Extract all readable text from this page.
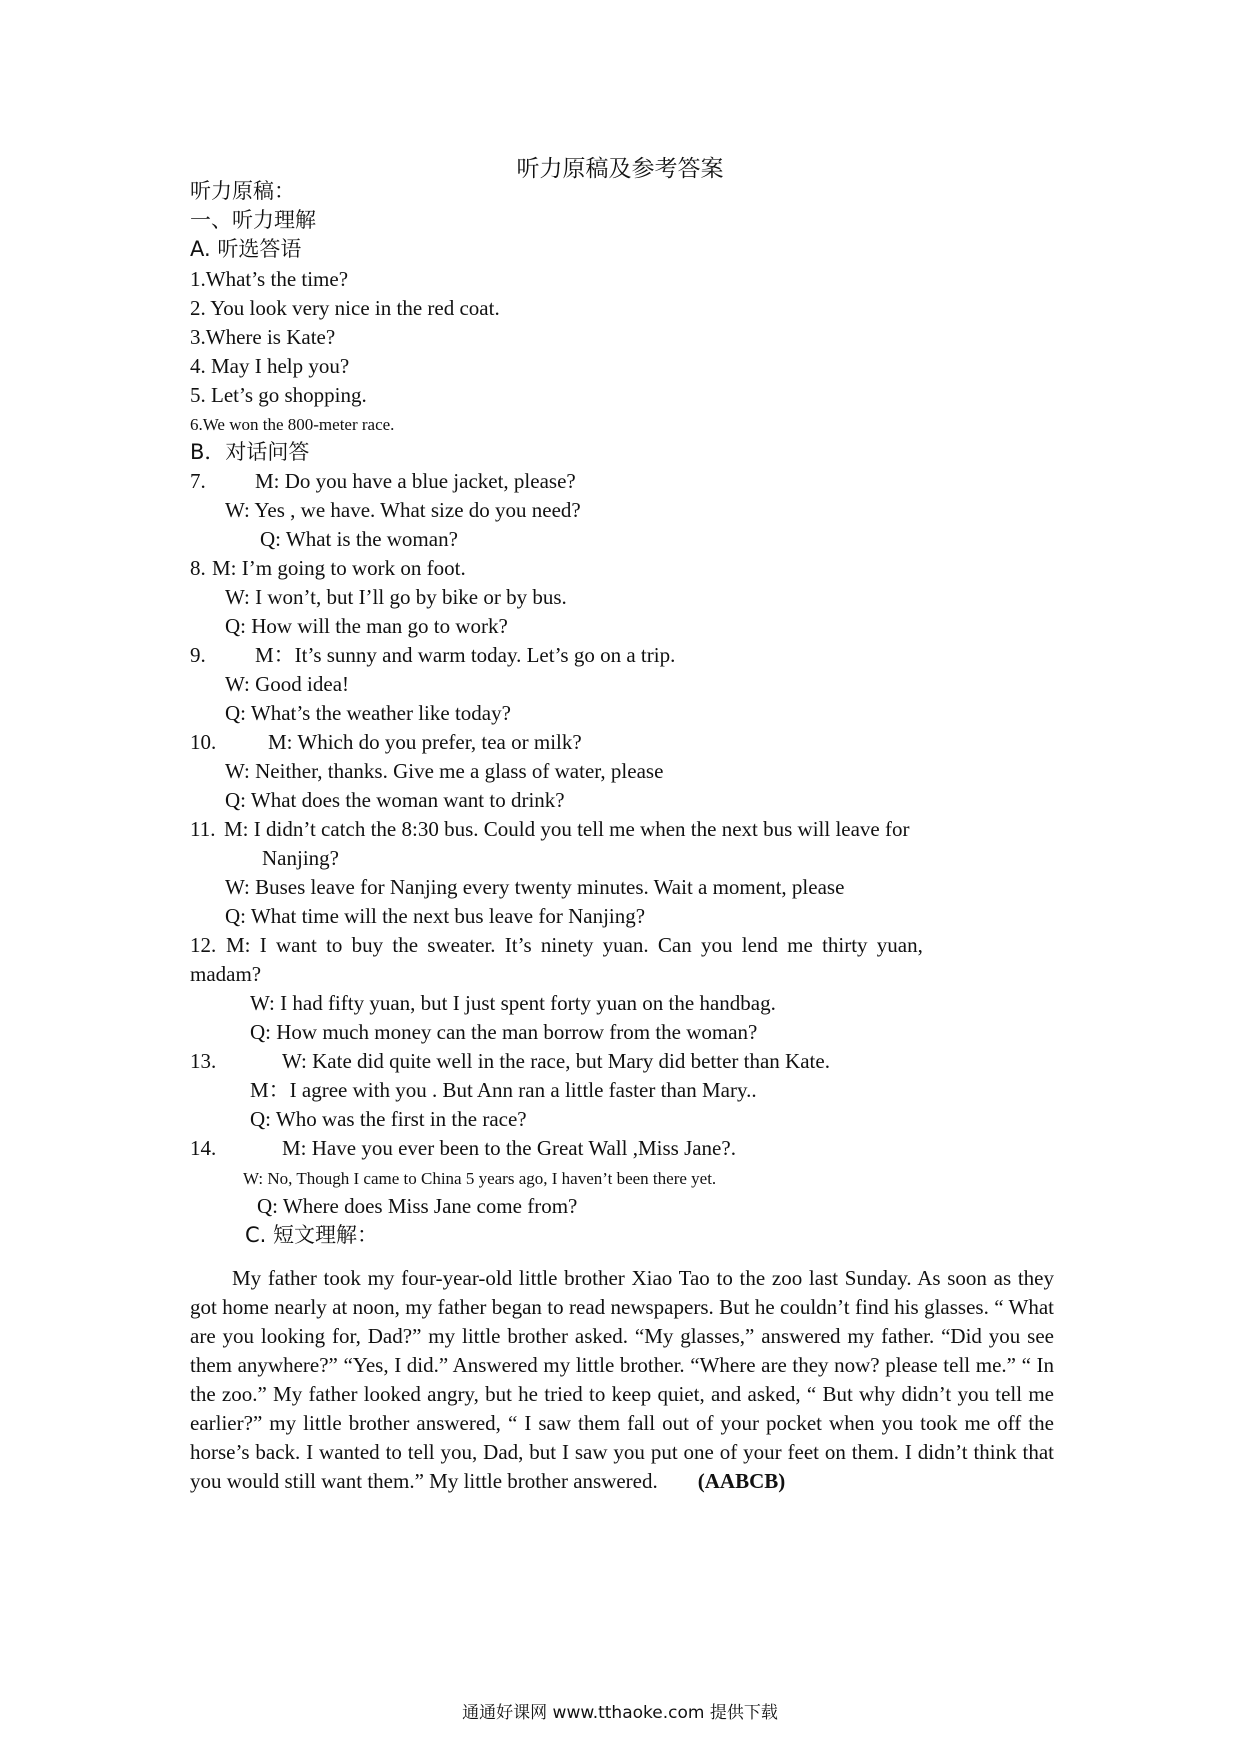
听力原稿及参考答案
听力原稿：
一、听力理解
A. 听选答语
1.What’s the time?
2. You look very nice in the red coat.
3.Where is Kate?
4. May I help you?
5. Let’s go shopping.
6.We won the 800-meter race.
B．对话问答
7. M: Do you have a blue jacket, please?
W: Yes , we have. What size do you need?
Q: What is the woman?
8. M: I’m going to work on foot.
W: I won’t, but I’ll go by bike or by bus.
Q: How will the man go to work?
9. M：It’s sunny and warm today. Let’s go on a trip.
W: Good idea!
Q: What’s the weather like today?
10. M: Which do you prefer, tea or milk?
W: Neither, thanks. Give me a glass of water, please
Q: What does the woman want to drink?
11. M: I didn’t catch the 8:30 bus. Could you tell me when the next bus will leave for
Nanjing?
W: Buses leave for Nanjing every twenty minutes. Wait a moment, please
Q: What time will the next bus leave for Nanjing?
12. M: I want to buy the sweater. It’s ninety yuan. Can you lend me thirty yuan,
madam?
W: I had fifty yuan, but I just spent forty yuan on the handbag.
Q: How much money can the man borrow from the woman?
13.	W: Kate did quite well in the race, but Mary did better than Kate.
M：I agree with you . But Ann ran a little faster than Mary..
Q: Who was the first in the race?
14.	M: Have you ever been to the Great Wall ,Miss Jane?.
W: No, Though I came to China 5 years ago, I haven’t been there yet.
Q: Where does Miss Jane come from?
C. 短文理解：
My father took my four-year-old little brother Xiao Tao to the zoo last Sunday. As soon as they got home nearly at noon, my father began to read newspapers. But he couldn’t find his glasses. “ What are you looking for, Dad?” my little brother asked. “My glasses,” answered my father. “Did you see them anywhere?” “Yes, I did.” Answered my little brother. “Where are they now? please tell me.” “ In the zoo.” My father looked angry, but he tried to keep quiet, and asked, “ But why didn’t you tell me earlier?” my little brother answered, “ I saw them fall out of your pocket when you took me off the horse’s back. I wanted to tell you, Dad, but I saw you put one of your feet on them. I didn’t think that you would still want them.” My little brother answered. (AABCB)
通通好课网 www.tthaoke.com 提供下载
